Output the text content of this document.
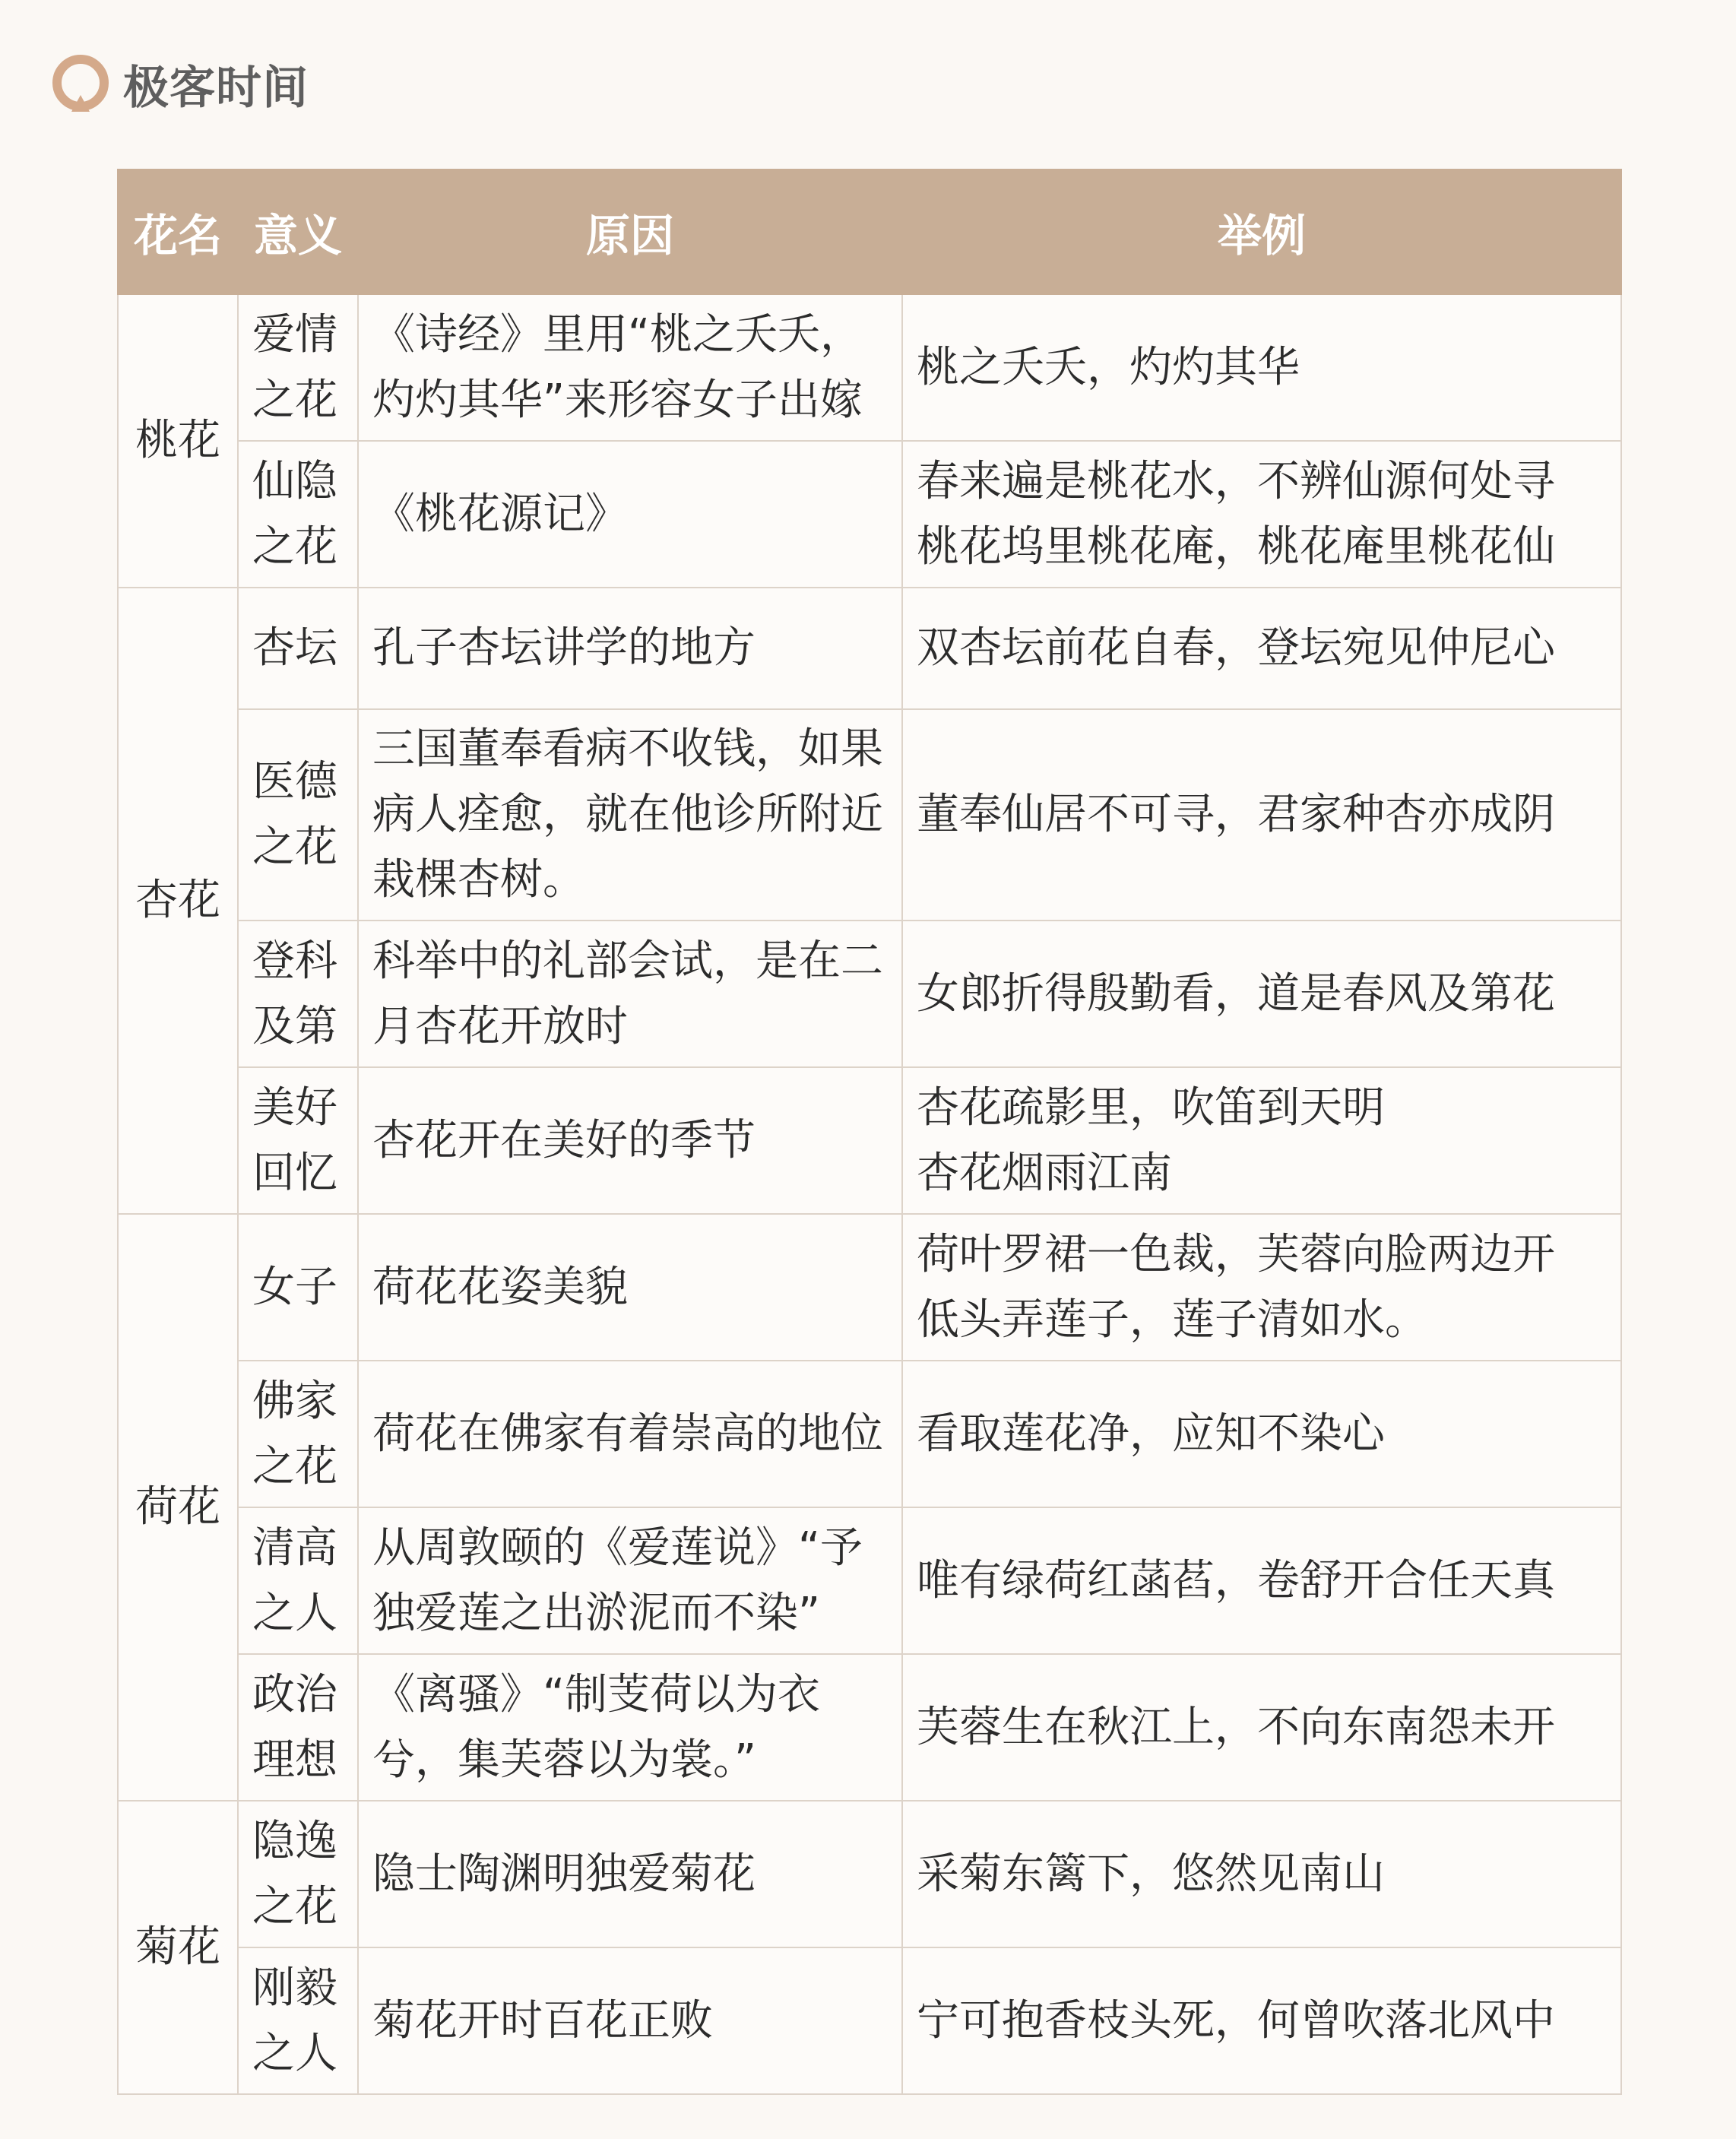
极客时间
花名	意义	原因	举例
桃花	爱情之花	《诗经》里用“桃之夭夭，灼灼其华”来形容女子出嫁	桃之夭夭，灼灼其华
	仙隐之花	《桃花源记》	春来遍是桃花水，不辨仙源何处寻
桃花坞里桃花庵，桃花庵里桃花仙
杏花	杏坛	孔子杏坛讲学的地方	双杏坛前花自春，登坛宛见仲尼心
	医德之花	三国董奉看病不收钱，如果病人痊愈，就在他诊所附近栽棵杏树。	董奉仙居不可寻，君家种杏亦成阴
	登科及第	科举中的礼部会试，是在二月杏花开放时	女郎折得殷勤看，道是春风及第花
	美好回忆	杏花开在美好的季节	杏花疏影里，吹笛到天明
杏花烟雨江南
荷花	女子	荷花花姿美貌	荷叶罗裙一色裁，芙蓉向脸两边开
低头弄莲子，莲子清如水。
	佛家之花	荷花在佛家有着崇高的地位	看取莲花净，应知不染心
	清高之人	从周敦颐的《爱莲说》“予独爱莲之出淤泥而不染”	唯有绿荷红菡萏，卷舒开合任天真
	政治理想	《离骚》“制芰荷以为衣兮，集芙蓉以为裳。”	芙蓉生在秋江上，不向东南怨未开
菊花	隐逸之花	隐士陶渊明独爱菊花	采菊东篱下，悠然见南山
	刚毅之人	菊花开时百花正败	宁可抱香枝头死，何曾吹落北风中
